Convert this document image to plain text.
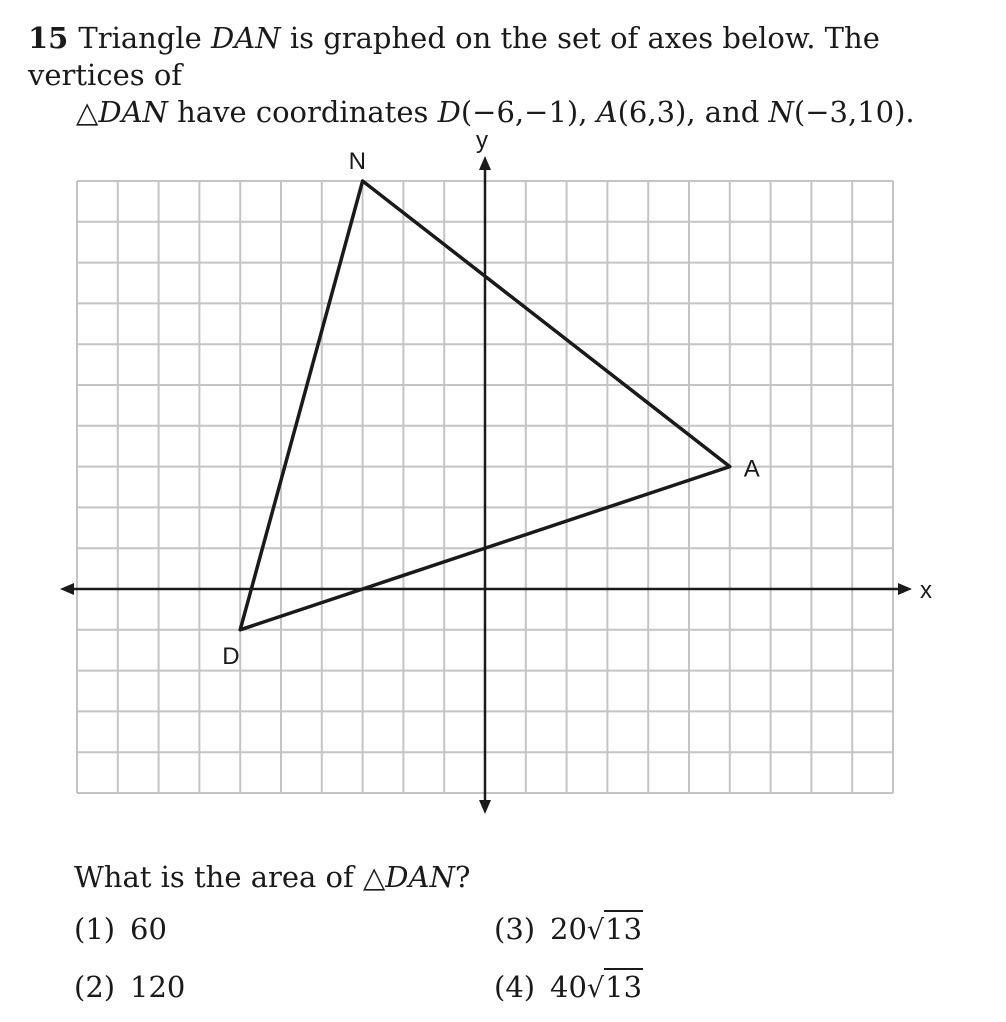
15 Triangle DAN is graphed on the set of axes below. The vertices of
△DAN have coordinates D(−6,−1), A(6,3), and N(−3,10).
x
y
D
A
N
What is the area of △DAN?
(1) 60
(2) 120
(3) 20√13
(4) 40√13
